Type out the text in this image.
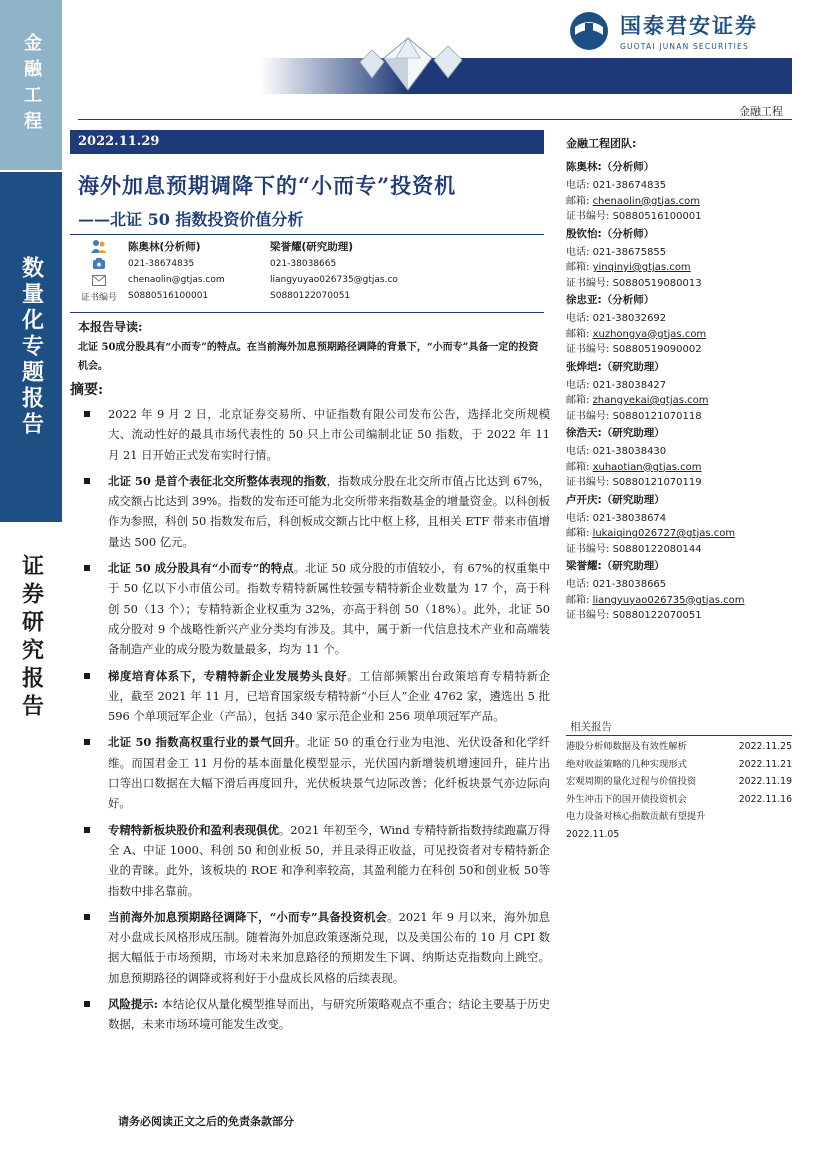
金融工程
数量化专题报告
证券研究报告
国泰君安证券
GUOTAI JUNAN SECURITIES
金融工程
2022.11.29
海外加息预期调降下的“小而专”投资机
——北证 50 指数投资价值分析
陈奥林(分析师)	梁誉耀(研究助理)
021-38674835	021-38038665
chenaolin@gtjas.com	liangyuyao026735@gtjas.co
证书编号	S0880516100001	S0880122070051
本报告导读:
北证 50成分股具有“小而专”的特点。在当前海外加息预期路径调降的背景下，“小而专”具备一定的投资机会。
摘要:
2022 年 9 月 2 日，北京证券交易所、中证指数有限公司发布公告，选择北交所规模大、流动性好的最具市场代表性的 50 只上市公司编制北证 50 指数，于 2022 年 11 月 21 日开始正式发布实时行情。
北证 50 是首个表征北交所整体表现的指数，指数成分股在北交所市值占比达到 67%，成交额占比达到 39%。指数的发布还可能为北交所带来指数基金的增量资金。以科创板作为参照，科创 50 指数发布后，科创板成交额占比中枢上移，且相关 ETF 带来市值增量达 500 亿元。
北证 50 成分股具有“小而专”的特点。北证 50 成分股的市值较小，有 67%的权重集中于 50 亿以下小市值公司。指数专精特新属性较强专精特新企业数量为 17 个，高于科创 50（13 个）；专精特新企业权重为 32%，亦高于科创 50（18%）。此外，北证 50 成分股对 9 个战略性新兴产业分类均有涉及。其中，属于新一代信息技术产业和高端装备制造产业的成分股为数量最多，均为 11 个。
梯度培育体系下，专精特新企业发展势头良好。工信部频繁出台政策培育专精特新企业，截至 2021 年 11 月，已培育国家级专精特新“小巨人”企业 4762 家，遴选出 5 批 596 个单项冠军企业（产品），包括 340 家示范企业和 256 项单项冠军产品。
北证 50 指数高权重行业的景气回升。北证 50 的重仓行业为电池、光伏设备和化学纤维。而国君金工 11 月份的基本面量化模型显示，光伏国内新增装机增速回升，硅片出口等出口数据在大幅下滑后再度回升，光伏板块景气边际改善；化纤板块景气亦边际向好。
专精特新板块股价和盈利表现俱优。2021 年初至今，Wind 专精特新指数持续跑赢万得全 A、中证 1000、科创 50 和创业板 50，并且录得正收益，可见投资者对专精特新企业的青睐。此外，该板块的 ROE 和净利率较高，其盈利能力在科创 50和创业板 50等指数中排名靠前。
当前海外加息预期路径调降下，“小而专”具备投资机会。2021 年 9 月以来，海外加息对小盘成长风格形成压制。随着海外加息政策逐渐兑现，以及美国公布的 10 月 CPI 数据大幅低于市场预期，市场对未来加息路径的预期发生下调、纳斯达克指数向上跳空。加息预期路径的调降或将利好于小盘成长风格的后续表现。
风险提示: 本结论仅从量化模型推导而出，与研究所策略观点不重合；结论主要基于历史数据，未来市场环境可能发生改变。
请务必阅读正文之后的免责条款部分
金融工程团队:
陈奥林:（分析师）
电话: 021-38674835
邮箱: chenaolin@gtjas.com
证书编号: S0880516100001
殷钦怡:（分析师）
电话: 021-38675855
邮箱: yinqinyi@gtjas.com
证书编号: S0880519080013
徐忠亚:（分析师）
电话: 021-38032692
邮箱: xuzhongya@gtjas.com
证书编号: S0880519090002
张烨垲:（研究助理）
电话: 021-38038427
邮箱: zhangyekai@gtjas.com
证书编号: S0880121070118
徐浩天:（研究助理）
电话: 021-38038430
邮箱: xuhaotian@gtjas.com
证书编号: S0880121070119
卢开庆:（研究助理）
电话: 021-38038674
邮箱: lukaiqing026727@gtjas.com
证书编号: S0880122080144
梁誉耀:（研究助理）
电话: 021-38038665
邮箱: liangyuyao026735@gtjas.com
证书编号: S0880122070051
相关报告
港股分析师数据及有效性解析	2022.11.25
绝对收益策略的几种实现形式	2022.11.21
宏观周期的量化过程与价值投资	2022.11.19
外生冲击下的国开债投资机会	2022.11.16
电力设备对核心指数贡献有望提升
2022.11.05
